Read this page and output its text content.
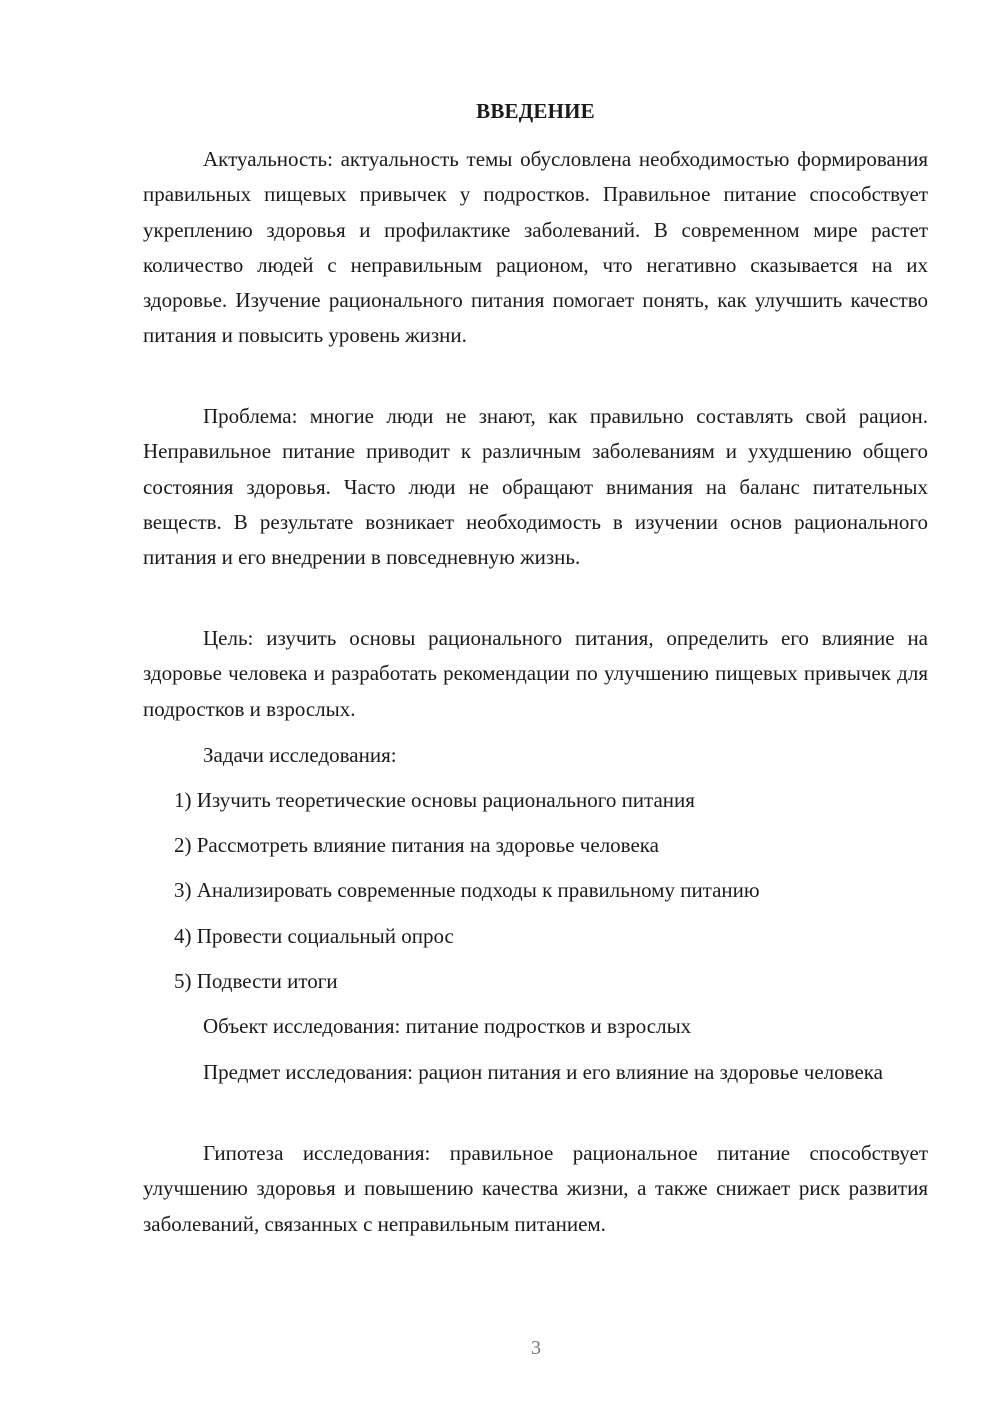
ВВЕДЕНИЕ

Актуальность: актуальность темы обусловлена необходимостью формирования правильных пищевых привычек у подростков. Правильное питание способствует укреплению здоровья и профилактике заболеваний. В современном мире растет количество людей с неправильным рационом, что негативно сказывается на их здоровье. Изучение рационального питания помогает понять, как улучшить качество питания и повысить уровень жизни.

Проблема: многие люди не знают, как правильно составлять свой рацион. Неправильное питание приводит к различным заболеваниям и ухудшению общего состояния здоровья. Часто люди не обращают внимания на баланс питательных веществ. В результате возникает необходимость в изучении основ рационального питания и его внедрении в повседневную жизнь.

Цель: изучить основы рационального питания, определить его влияние на здоровье человека и разработать рекомендации по улучшению пищевых привычек для подростков и взрослых.

Задачи исследования:
1) Изучить теоретические основы рационального питания
2) Рассмотреть влияние питания на здоровье человека
3) Анализировать современные подходы к правильному питанию
4) Провести социальный опрос
5) Подвести итоги
Объект исследования: питание подростков и взрослых

Предмет исследования: рацион питания и его влияние на здоровье человека

Гипотеза исследования: правильное рациональное питание способствует улучшению здоровья и повышению качества жизни, а также снижает риск развития заболеваний, связанных с неправильным питанием.

3
